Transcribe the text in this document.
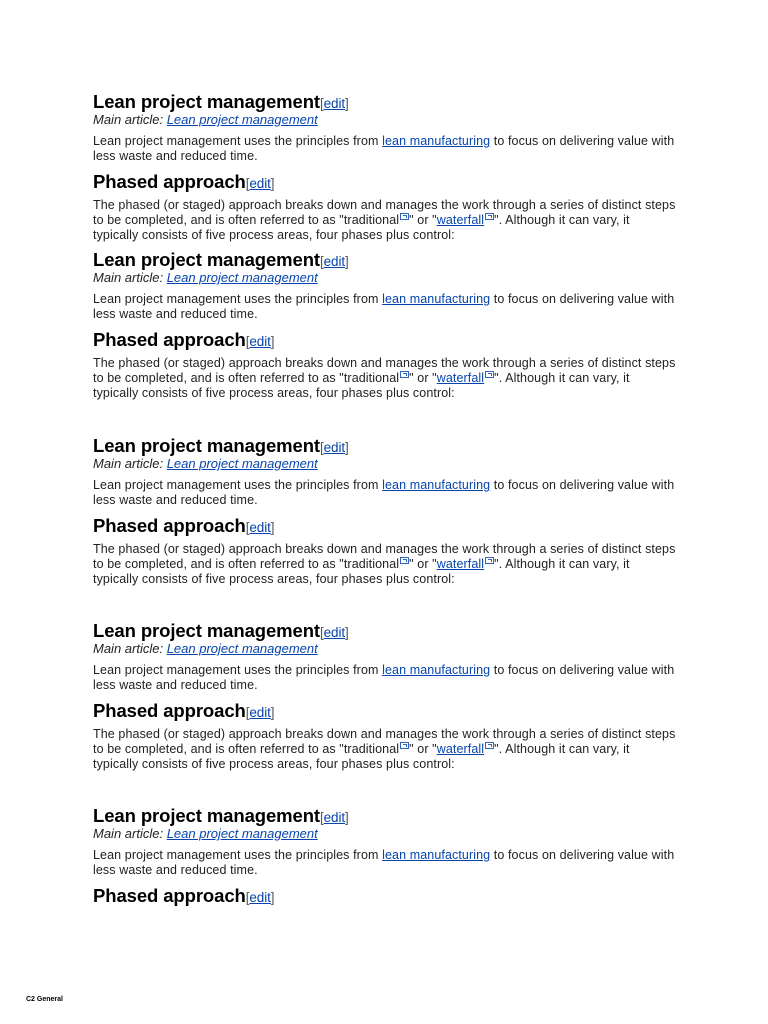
Lean project management[edit]
Main article: Lean project management

Lean project management uses the principles from lean manufacturing to focus on delivering value with less waste and reduced time.

Phased approach[edit]

The phased (or staged) approach breaks down and manages the work through a series of distinct steps to be completed, and is often referred to as "traditional " or "waterfall ". Although it can vary, it typically consists of five process areas, four phases plus control:

Lean project management[edit]
Main article: Lean project management

Lean project management uses the principles from lean manufacturing to focus on delivering value with less waste and reduced time.

Phased approach[edit]

The phased (or staged) approach breaks down and manages the work through a series of distinct steps to be completed, and is often referred to as "traditional " or "waterfall ". Although it can vary, it typically consists of five process areas, four phases plus control:

Lean project management[edit]
Main article: Lean project management

Lean project management uses the principles from lean manufacturing to focus on delivering value with less waste and reduced time.

Phased approach[edit]

The phased (or staged) approach breaks down and manages the work through a series of distinct steps to be completed, and is often referred to as "traditional " or "waterfall ". Although it can vary, it typically consists of five process areas, four phases plus control:

Lean project management[edit]
Main article: Lean project management

Lean project management uses the principles from lean manufacturing to focus on delivering value with less waste and reduced time.

Phased approach[edit]

The phased (or staged) approach breaks down and manages the work through a series of distinct steps to be completed, and is often referred to as "traditional " or "waterfall ". Although it can vary, it typically consists of five process areas, four phases plus control:

Lean project management[edit]
Main article: Lean project management

Lean project management uses the principles from lean manufacturing to focus on delivering value with less waste and reduced time.

Phased approach[edit]
C2 General
